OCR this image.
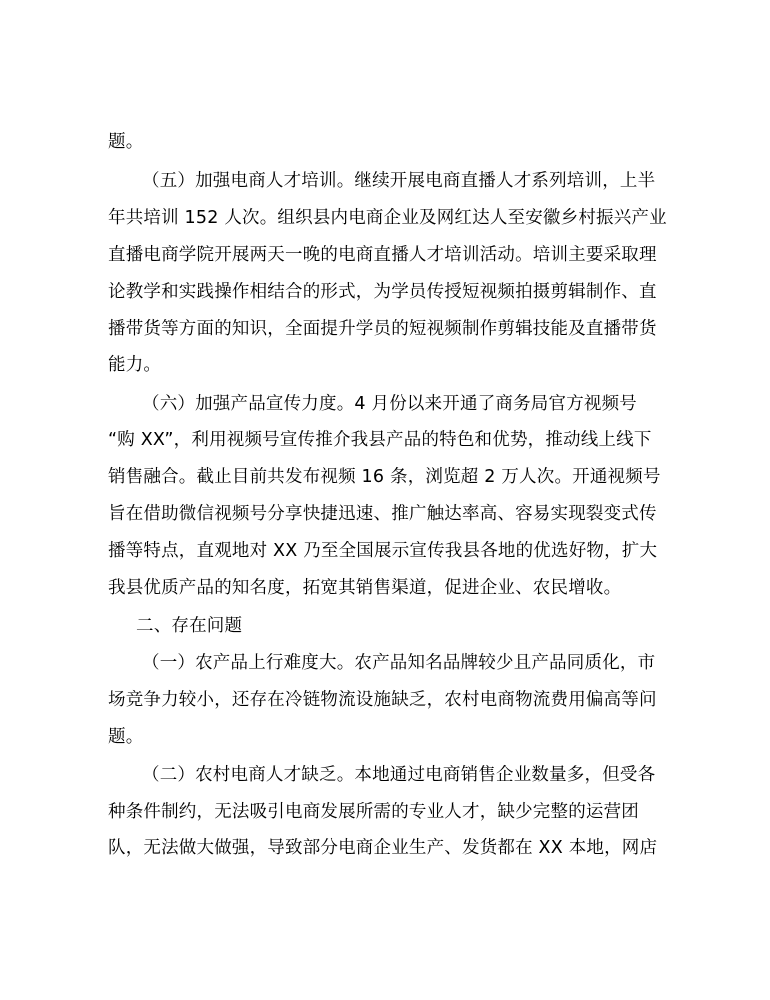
题。
（五）加强电商人才培训。继续开展电商直播人才系列培训，上半
年共培训 152 人次。组织县内电商企业及网红达人至安徽乡村振兴产业
直播电商学院开展两天一晚的电商直播人才培训活动。培训主要采取理
论教学和实践操作相结合的形式，为学员传授短视频拍摄剪辑制作、直
播带货等方面的知识，全面提升学员的短视频制作剪辑技能及直播带货
能力。
（六）加强产品宣传力度。4 月份以来开通了商务局官方视频号
“购 XX”，利用视频号宣传推介我县产品的特色和优势，推动线上线下
销售融合。截止目前共发布视频 16 条，浏览超 2 万人次。开通视频号
旨在借助微信视频号分享快捷迅速、推广触达率高、容易实现裂变式传
播等特点，直观地对 XX 乃至全国展示宣传我县各地的优选好物，扩大
我县优质产品的知名度，拓宽其销售渠道，促进企业、农民增收。
二、存在问题
（一）农产品上行难度大。农产品知名品牌较少且产品同质化，市
场竞争力较小，还存在冷链物流设施缺乏，农村电商物流费用偏高等问
题。
（二）农村电商人才缺乏。本地通过电商销售企业数量多，但受各
种条件制约，无法吸引电商发展所需的专业人才，缺少完整的运营团
队，无法做大做强，导致部分电商企业生产、发货都在 XX 本地，网店
